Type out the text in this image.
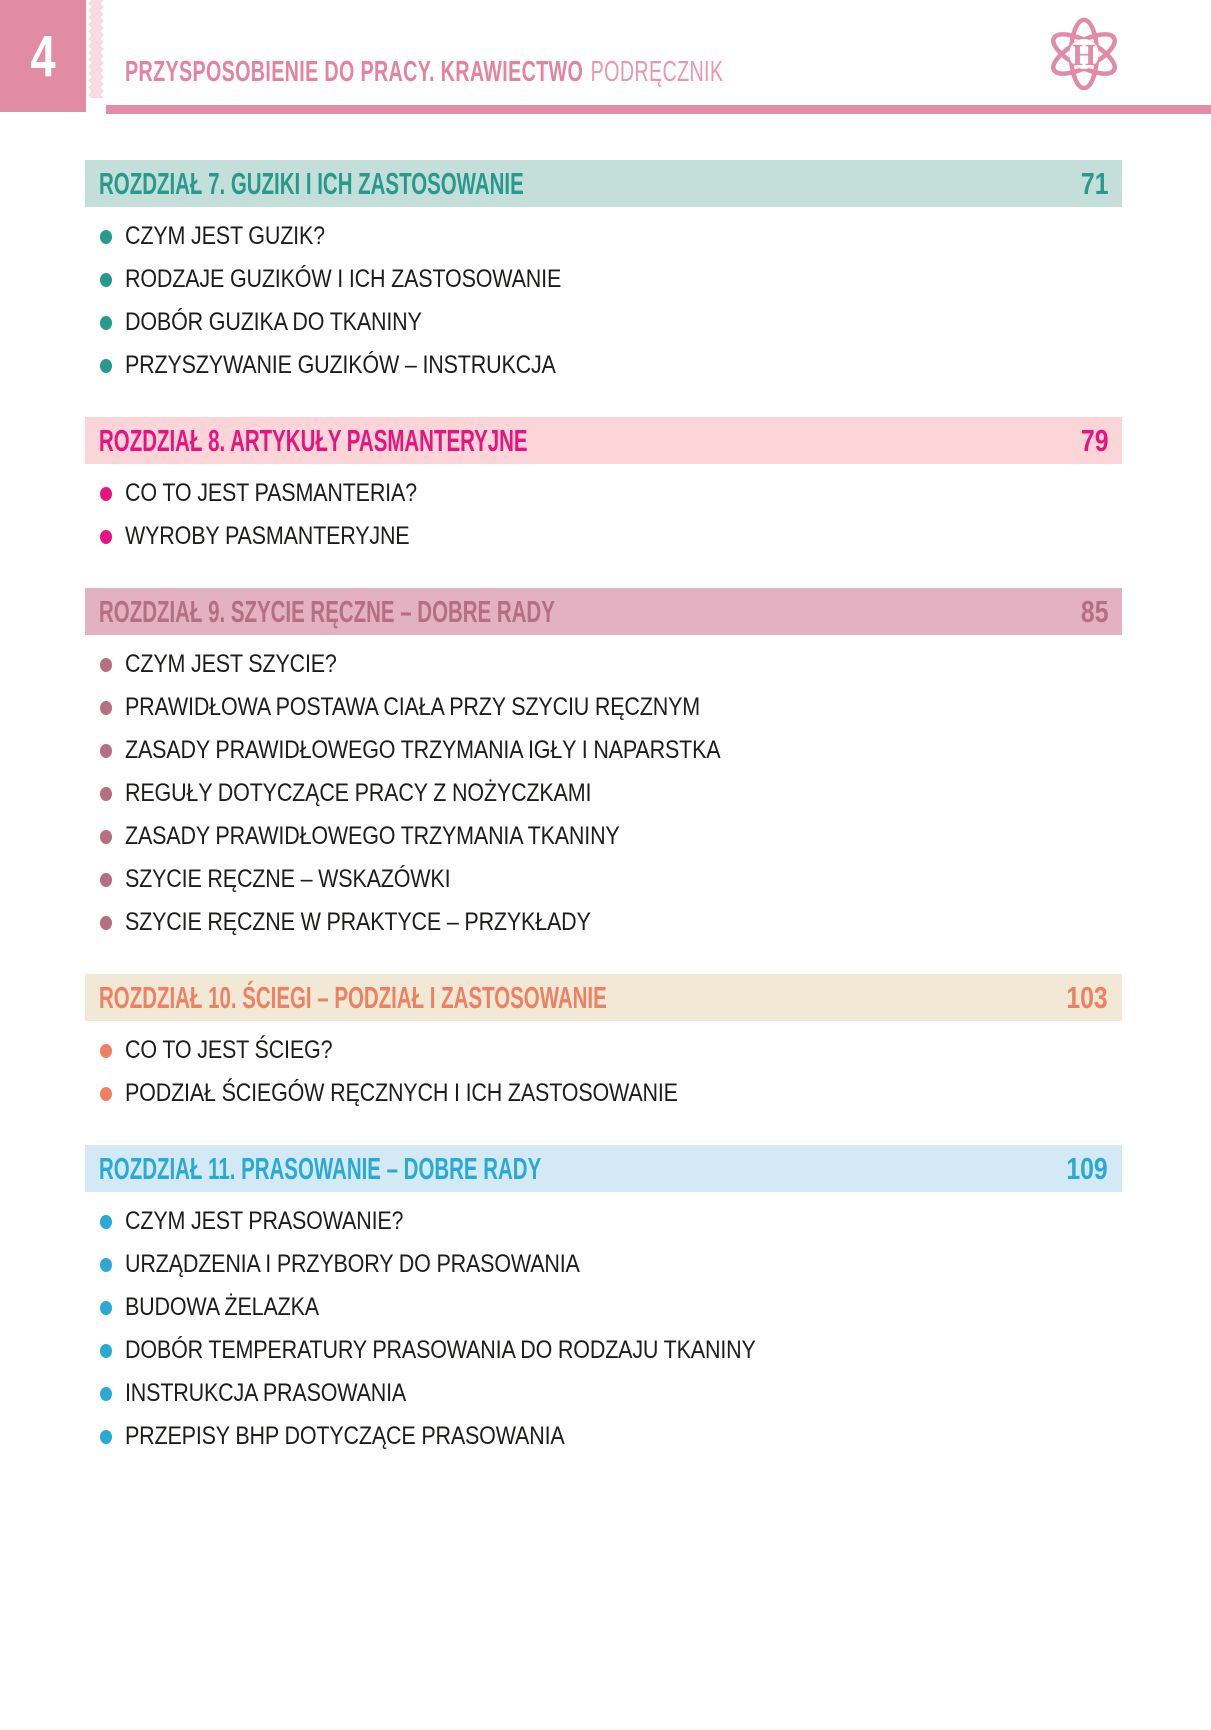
4 PRZYSPOSOBIENIE DO PRACY. KRAWIECTWO PODRĘCZNIK	H
ROZDZIAŁ 7. GUZIKI I ICH ZASTOSOWANIE	71
CZYM JEST GUZIK?
RODZAJE GUZIKÓW I ICH ZASTOSOWANIE
DOBÓR GUZIKA DO TKANINY
PRZYSZYWANIE GUZIKÓW – INSTRUKCJA
ROZDZIAŁ 8. ARTYKUŁY PASMANTERYJNE	79
CO TO JEST PASMANTERIA?
WYROBY PASMANTERYJNE
ROZDZIAŁ 9. SZYCIE RĘCZNE – DOBRE RADY	85
CZYM JEST SZYCIE?
PRAWIDŁOWA POSTAWA CIAŁA PRZY SZYCIU RĘCZNYM
ZASADY PRAWIDŁOWEGO TRZYMANIA IGŁY I NAPARSTKA
REGUŁY DOTYCZĄCE PRACY Z NOŻYCZKAMI
ZASADY PRAWIDŁOWEGO TRZYMANIA TKANINY
SZYCIE RĘCZNE – WSKAZÓWKI
SZYCIE RĘCZNE W PRAKTYCE – PRZYKŁADY
ROZDZIAŁ 10. ŚCIEGI – PODZIAŁ I ZASTOSOWANIE	103
CO TO JEST ŚCIEG?
PODZIAŁ ŚCIEGÓW RĘCZNYCH I ICH ZASTOSOWANIE
ROZDZIAŁ 11. PRASOWANIE – DOBRE RADY	109
CZYM JEST PRASOWANIE?
URZĄDZENIA I PRZYBORY DO PRASOWANIA
BUDOWA ŻELAZKA
DOBÓR TEMPERATURY PRASOWANIA DO RODZAJU TKANINY
INSTRUKCJA PRASOWANIA
PRZEPISY BHP DOTYCZĄCE PRASOWANIA
